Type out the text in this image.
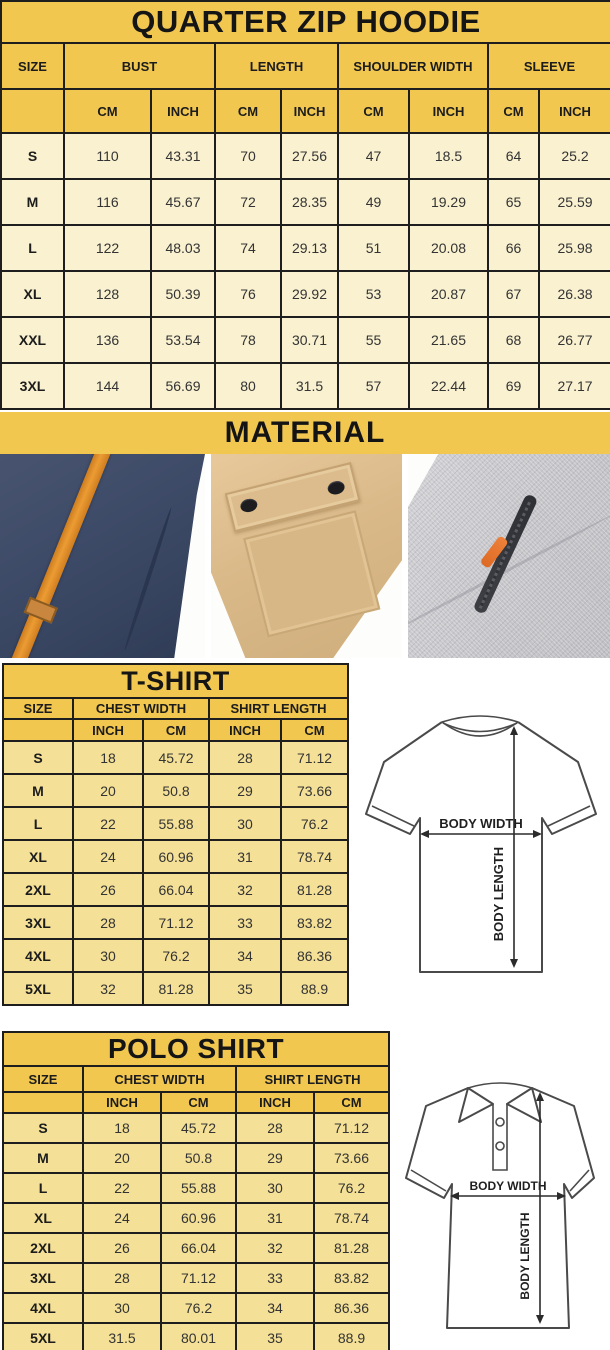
QUARTER ZIP HOODIE								
SIZE	BUST		LENGTH		SHOULDER WIDTH		SLEEVE	
	CM	INCH	CM	INCH	CM	INCH	CM	INCH
S	110	43.31	70	27.56	47	18.5	64	25.2
M	116	45.67	72	28.35	49	19.29	65	25.59
L	122	48.03	74	29.13	51	20.08	66	25.98
XL	128	50.39	76	29.92	53	20.87	67	26.38
XXL	136	53.54	78	30.71	55	21.65	68	26.77
3XL	144	56.69	80	31.5	57	22.44	69	27.17
MATERIAL
T-SHIRT				
SIZE	CHEST WIDTH		SHIRT LENGTH	
	INCH	CM	INCH	CM
S	18	45.72	28	71.12
M	20	50.8	29	73.66
L	22	55.88	30	76.2
XL	24	60.96	31	78.74
2XL	26	66.04	32	81.28
3XL	28	71.12	33	83.82
4XL	30	76.2	34	86.36
5XL	32	81.28	35	88.9
BODY WIDTH
BODY LENGTH
POLO SHIRT				
SIZE	CHEST WIDTH		SHIRT LENGTH	
	INCH	CM	INCH	CM
S	18	45.72	28	71.12
M	20	50.8	29	73.66
L	22	55.88	30	76.2
XL	24	60.96	31	78.74
2XL	26	66.04	32	81.28
3XL	28	71.12	33	83.82
4XL	30	76.2	34	86.36
5XL	31.5	80.01	35	88.9
BODY WIDTH
BODY LENGTH
